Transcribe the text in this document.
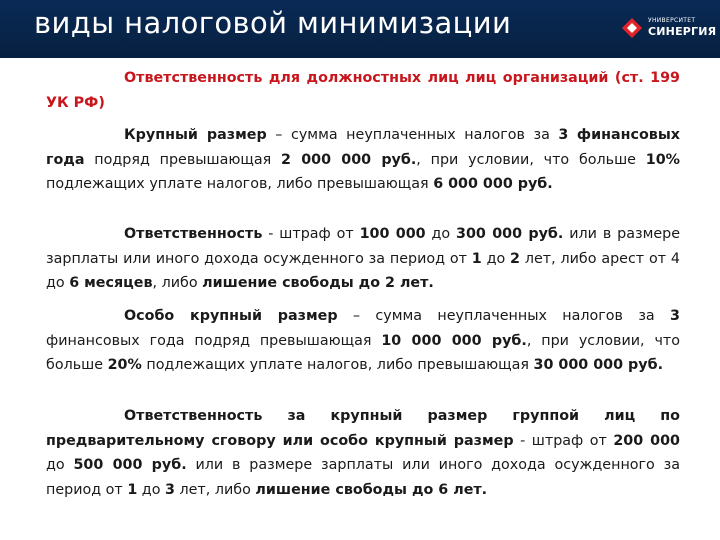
виды налоговой минимизации	УНИВЕРСИТЕТ
СИНЕРГИЯ
Ответственность для должностных лиц лиц организаций (ст. 199 УК РФ)
Крупный размер – сумма неуплаченных налогов за 3 финансовых года подряд превышающая 2 000 000 руб., при условии, что больше 10% подлежащих уплате налогов, либо превышающая 6 000 000 руб.
Ответственность - штраф от 100 000 до 300 000 руб. или в размере зарплаты или иного дохода осужденного за период от 1 до 2 лет, либо арест от 4 до 6 месяцев, либо лишение свободы до 2 лет.
Особо крупный размер – сумма неуплаченных налогов за 3 финансовых года подряд превышающая 10 000 000 руб., при условии, что больше 20% подлежащих уплате налогов, либо превышающая 30 000 000 руб.
Ответственность за крупный размер группой лиц по предварительному сговору или особо крупный размер - штраф от 200 000 до 500 000 руб. или в размере зарплаты или иного дохода осужденного за период от 1 до 3 лет, либо лишение свободы до 6 лет.
